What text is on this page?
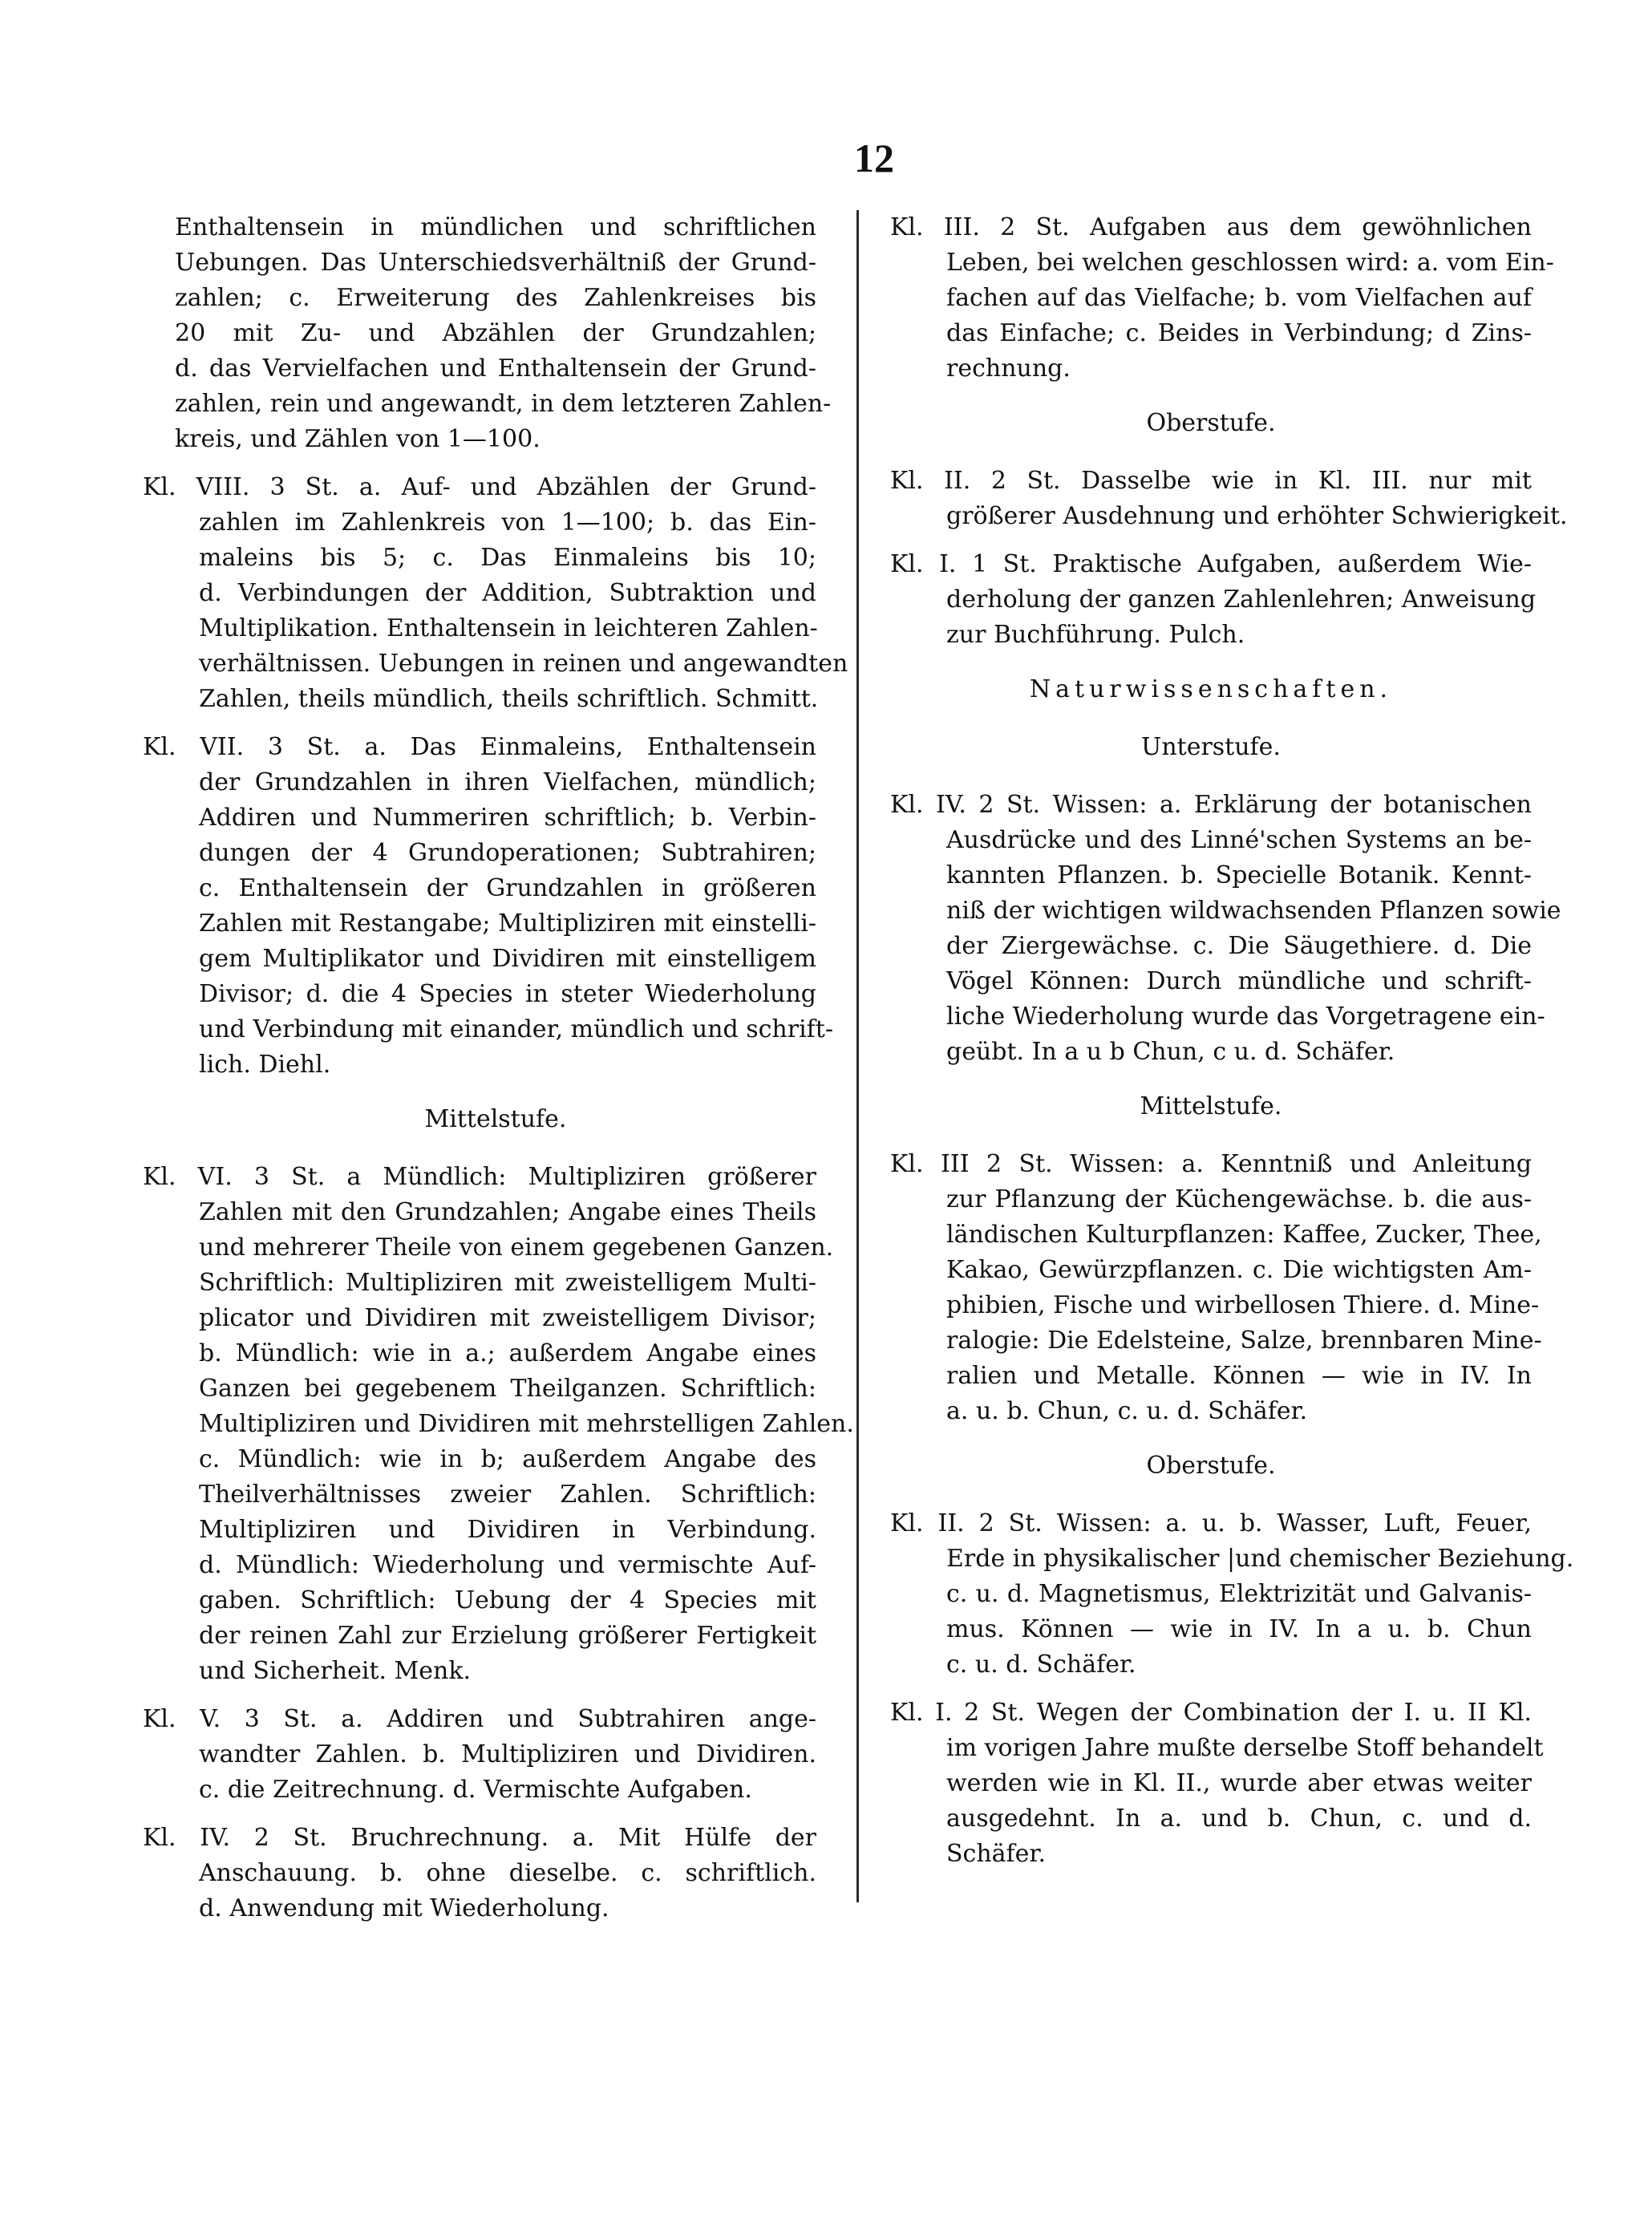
12
Enthaltensein in mündlichen und schriftlichen
Uebungen. Das Unterschiedsverhältniß der Grund-
zahlen; c. Erweiterung des Zahlenkreises bis
20 mit Zu- und Abzählen der Grundzahlen;
d. das Vervielfachen und Enthaltensein der Grund-
zahlen, rein und angewandt, in dem letzteren Zahlen-
kreis, und Zählen von 1—100.
Kl. VIII. 3 St. a. Auf- und Abzählen der Grund-
zahlen im Zahlenkreis von 1—100; b. das Ein-
maleins bis 5; c. Das Einmaleins bis 10;
d. Verbindungen der Addition, Subtraktion und
Multiplikation. Enthaltensein in leichteren Zahlen-
verhältnissen. Uebungen in reinen und angewandten
Zahlen, theils mündlich, theils schriftlich. Schmitt.
Kl. VII. 3 St. a. Das Einmaleins, Enthaltensein
der Grundzahlen in ihren Vielfachen, mündlich;
Addiren und Nummeriren schriftlich; b. Verbin-
dungen der 4 Grundoperationen; Subtrahiren;
c. Enthaltensein der Grundzahlen in größeren
Zahlen mit Restangabe; Multipliziren mit einstelli-
gem Multiplikator und Dividiren mit einstelligem
Divisor; d. die 4 Species in steter Wiederholung
und Verbindung mit einander, mündlich und schrift-
lich. Diehl.
Mittelstufe.
Kl. VI. 3 St. a Mündlich: Multipliziren größerer
Zahlen mit den Grundzahlen; Angabe eines Theils
und mehrerer Theile von einem gegebenen Ganzen.
Schriftlich: Multipliziren mit zweistelligem Multi-
plicator und Dividiren mit zweistelligem Divisor;
b. Mündlich: wie in a.; außerdem Angabe eines
Ganzen bei gegebenem Theilganzen. Schriftlich:
Multipliziren und Dividiren mit mehrstelligen Zahlen.
c. Mündlich: wie in b; außerdem Angabe des
Theilverhältnisses zweier Zahlen. Schriftlich:
Multipliziren und Dividiren in Verbindung.
d. Mündlich: Wiederholung und vermischte Auf-
gaben. Schriftlich: Uebung der 4 Species mit
der reinen Zahl zur Erzielung größerer Fertigkeit
und Sicherheit. Menk.
Kl. V. 3 St. a. Addiren und Subtrahiren ange-
wandter Zahlen. b. Multipliziren und Dividiren.
c. die Zeitrechnung. d. Vermischte Aufgaben.
Kl. IV. 2 St. Bruchrechnung. a. Mit Hülfe der
Anschauung. b. ohne dieselbe. c. schriftlich.
d. Anwendung mit Wiederholung.
Kl. III. 2 St. Aufgaben aus dem gewöhnlichen
Leben, bei welchen geschlossen wird: a. vom Ein-
fachen auf das Vielfache; b. vom Vielfachen auf
das Einfache; c. Beides in Verbindung; d Zins-
rechnung.
Oberstufe.
Kl. II. 2 St. Dasselbe wie in Kl. III. nur mit
größerer Ausdehnung und erhöhter Schwierigkeit.
Kl. I. 1 St. Praktische Aufgaben, außerdem Wie-
derholung der ganzen Zahlenlehren; Anweisung
zur Buchführung. Pulch.
Naturwissenschaften.
Unterstufe.
Kl. IV. 2 St. Wissen: a. Erklärung der botanischen
Ausdrücke und des Linné'schen Systems an be-
kannten Pflanzen. b. Specielle Botanik. Kennt-
niß der wichtigen wildwachsenden Pflanzen sowie
der Ziergewächse. c. Die Säugethiere. d. Die
Vögel Können: Durch mündliche und schrift-
liche Wiederholung wurde das Vorgetragene ein-
geübt. In a u b Chun, c u. d. Schäfer.
Mittelstufe.
Kl. III 2 St. Wissen: a. Kenntniß und Anleitung
zur Pflanzung der Küchengewächse. b. die aus-
ländischen Kulturpflanzen: Kaffee, Zucker, Thee,
Kakao, Gewürzpflanzen. c. Die wichtigsten Am-
phibien, Fische und wirbellosen Thiere. d. Mine-
ralogie: Die Edelsteine, Salze, brennbaren Mine-
ralien und Metalle. Können — wie in IV. In
a. u. b. Chun, c. u. d. Schäfer.
Oberstufe.
Kl. II. 2 St. Wissen: a. u. b. Wasser, Luft, Feuer,
Erde in physikalischer |und chemischer Beziehung.
c. u. d. Magnetismus, Elektrizität und Galvanis-
mus. Können — wie in IV. In a u. b. Chun
c. u. d. Schäfer.
Kl. I. 2 St. Wegen der Combination der I. u. II Kl.
im vorigen Jahre mußte derselbe Stoff behandelt
werden wie in Kl. II., wurde aber etwas weiter
ausgedehnt. In a. und b. Chun, c. und d.
Schäfer.
